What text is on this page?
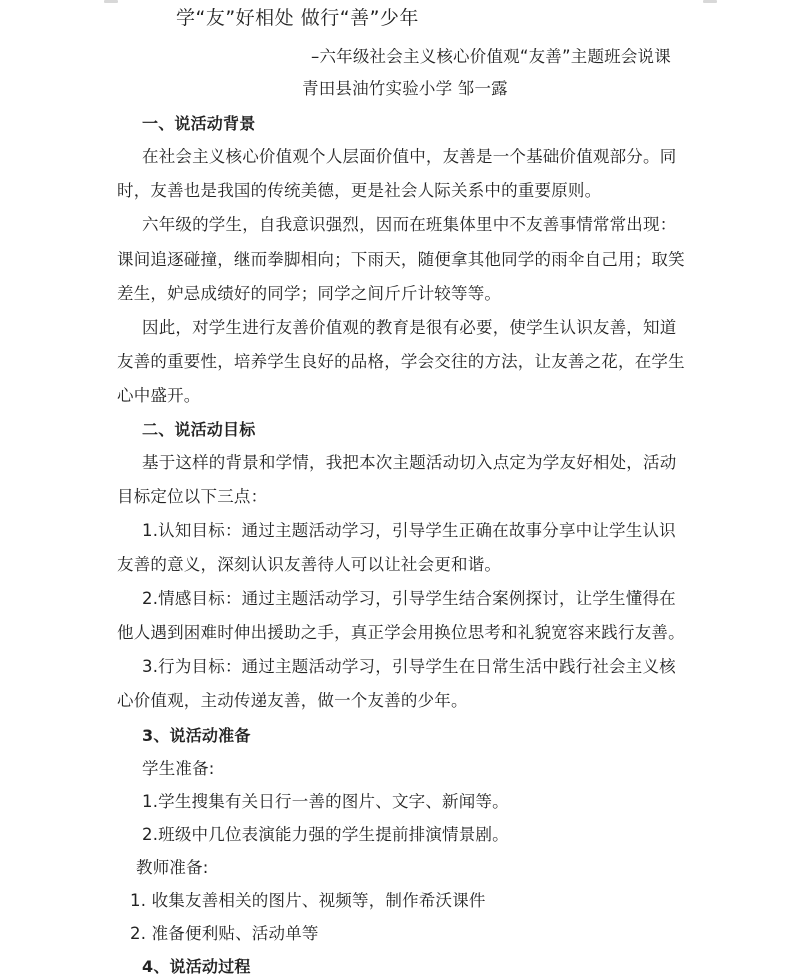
学“友”好相处 做行“善”少年
–六年级社会主义核心价值观“友善”主题班会说课
青田县油竹实验小学 邹一露
一、说活动背景
在社会主义核心价值观个人层面价值中，友善是一个基础价值观部分。同
时，友善也是我国的传统美德，更是社会人际关系中的重要原则。
六年级的学生，自我意识强烈，因而在班集体里中不友善事情常常出现：
课间追逐碰撞，继而拳脚相向；下雨天，随便拿其他同学的雨伞自己用；取笑
差生，妒忌成绩好的同学；同学之间斤斤计较等等。
因此，对学生进行友善价值观的教育是很有必要，使学生认识友善，知道
友善的重要性，培养学生良好的品格，学会交往的方法，让友善之花，在学生
心中盛开。
二、说活动目标
基于这样的背景和学情，我把本次主题活动切入点定为学友好相处，活动
目标定位以下三点：
1.认知目标：通过主题活动学习，引导学生正确在故事分享中让学生认识
友善的意义，深刻认识友善待人可以让社会更和谐。
2.情感目标：通过主题活动学习，引导学生结合案例探讨，让学生懂得在
他人遇到困难时伸出援助之手，真正学会用换位思考和礼貌宽容来践行友善。
3.行为目标：通过主题活动学习，引导学生在日常生活中践行社会主义核
心价值观，主动传递友善，做一个友善的少年。
3、说活动准备
学生准备:
1.学生搜集有关日行一善的图片、文字、新闻等。
2.班级中几位表演能力强的学生提前排演情景剧。
教师准备:
1. 收集友善相关的图片、视频等，制作希沃课件
2. 准备便利贴、活动单等
4、说活动过程
